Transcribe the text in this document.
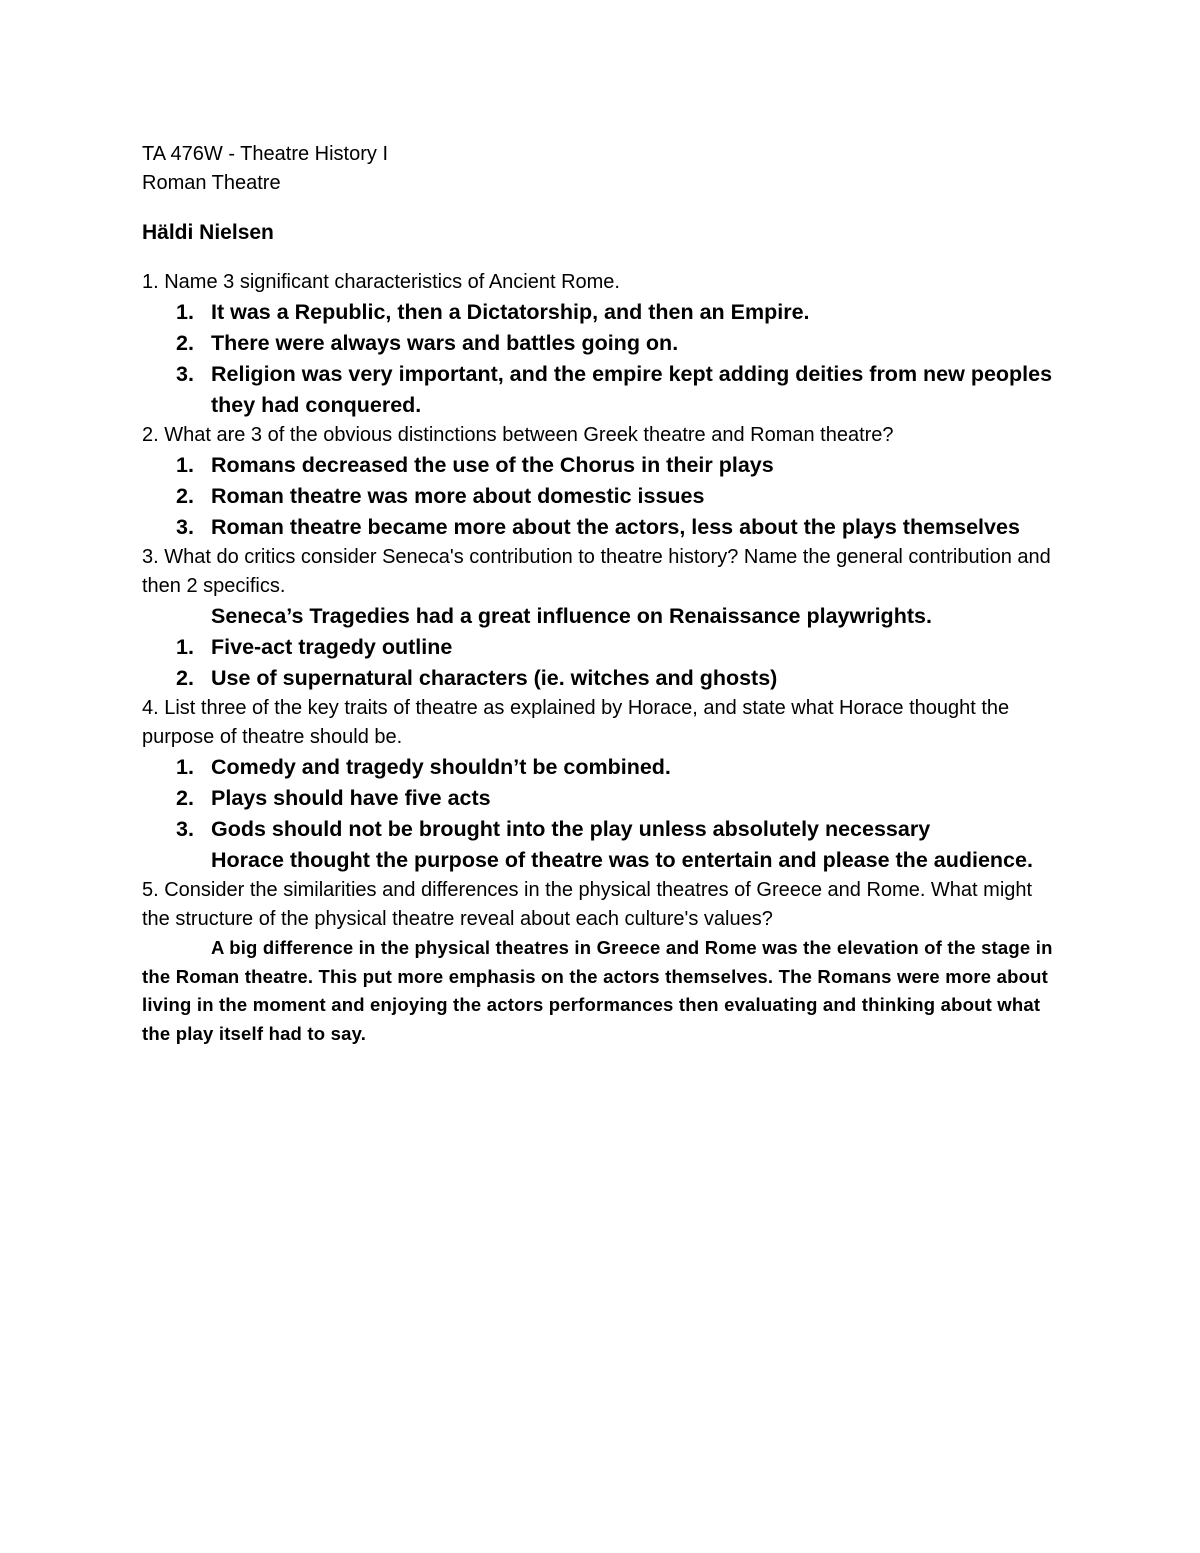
TA 476W - Theatre History I

Roman Theatre

Häldi Nielsen

1. Name 3 significant characteristics of Ancient Rome.

1. It was a Republic, then a Dictatorship, and then an Empire.
2. There were always wars and battles going on.
3. Religion was very important, and the empire kept adding deities from new peoples they had conquered.

2. What are 3 of the obvious distinctions between Greek theatre and Roman theatre?

1. Romans decreased the use of the Chorus in their plays
2. Roman theatre was more about domestic issues
3. Roman theatre became more about the actors, less about the plays themselves

3. What do critics consider Seneca's contribution to theatre history? Name the general contribution and then 2 specifics.

Seneca’s Tragedies had a great influence on Renaissance playwrights.

1. Five-act tragedy outline
2. Use of supernatural characters (ie. witches and ghosts)

4. List three of the key traits of theatre as explained by Horace, and state what Horace thought the purpose of theatre should be.

1. Comedy and tragedy shouldn’t be combined.
2. Plays should have five acts
3. Gods should not be brought into the play unless absolutely necessary

Horace thought the purpose of theatre was to entertain and please the audience.

5. Consider the similarities and differences in the physical theatres of Greece and Rome. What might the structure of the physical theatre reveal about each culture's values?

A big difference in the physical theatres in Greece and Rome was the elevation of the stage in the Roman theatre. This put more emphasis on the actors themselves. The Romans were more about living in the moment and enjoying the actors performances then evaluating and thinking about what the play itself had to say.
